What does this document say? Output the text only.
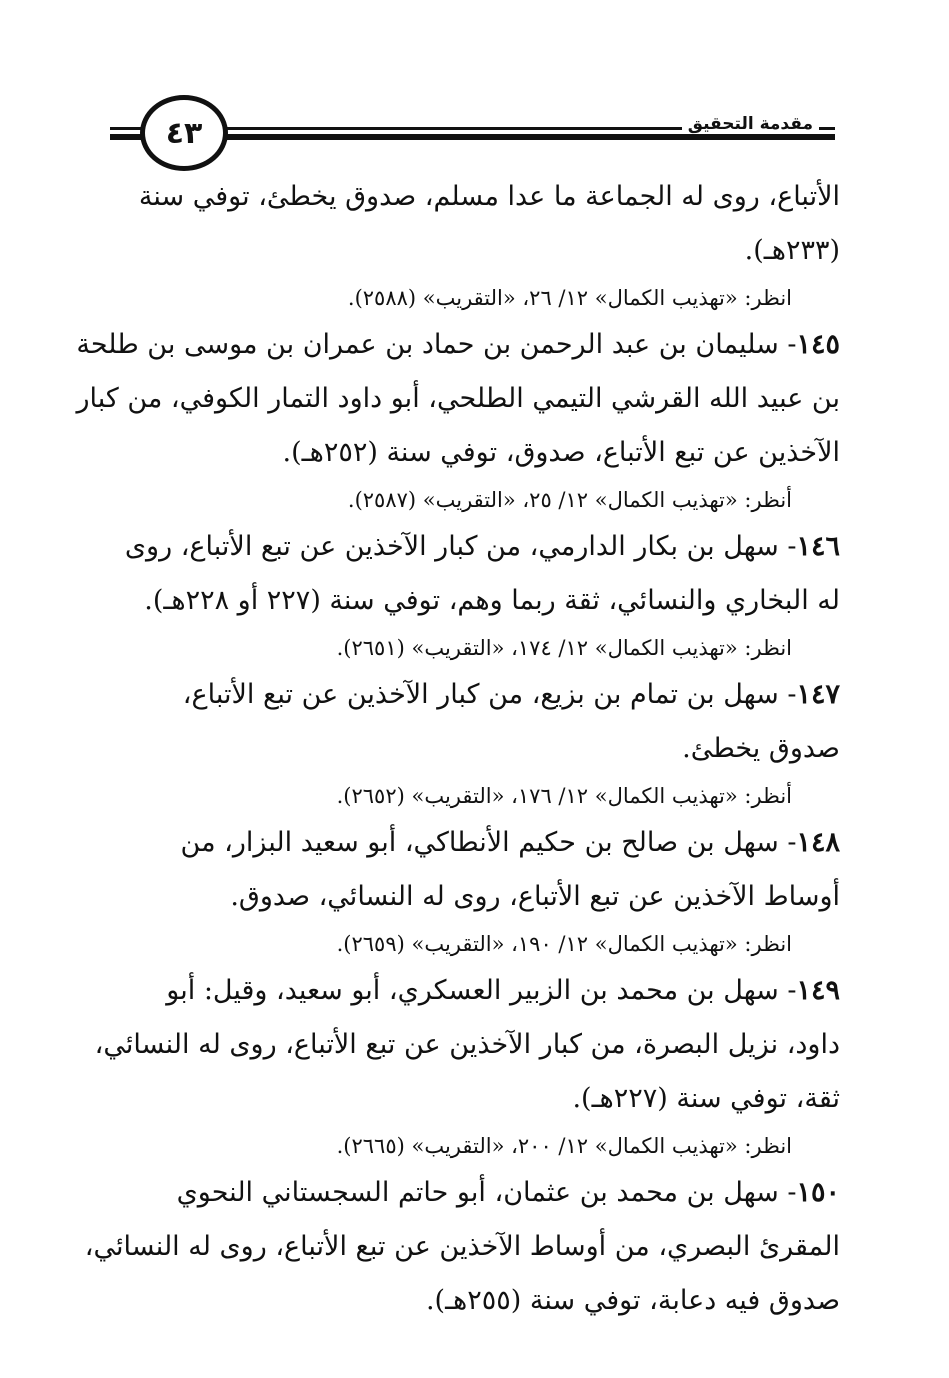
مقدمة التحقيق
٤٣
الأتباع، روى له الجماعة ما عدا مسلم، صدوق يخطئ، توفي سنة
(٢٣٣هـ).
انظر: «تهذيب الكمال» ١٢/ ٢٦، «التقريب» (٢٥٨٨).
١٤٥- سليمان بن عبد الرحمن بن حماد بن عمران بن موسى بن طلحة
بن عبيد الله القرشي التيمي الطلحي، أبو داود التمار الكوفي، من كبار
الآخذين عن تبع الأتباع، صدوق، توفي سنة (٢٥٢هـ).
أنظر: «تهذيب الكمال» ١٢/ ٢٥، «التقريب» (٢٥٨٧).
١٤٦- سهل بن بكار الدارمي، من كبار الآخذين عن تبع الأتباع، روى
له البخاري والنسائي، ثقة ربما وهم، توفي سنة (٢٢٧ أو ٢٢٨هـ).
انظر: «تهذيب الكمال» ١٢/ ١٧٤، «التقريب» (٢٦٥١).
١٤٧- سهل بن تمام بن بزيع، من كبار الآخذين عن تبع الأتباع،
صدوق يخطئ.
أنظر: «تهذيب الكمال» ١٢/ ١٧٦، «التقريب» (٢٦٥٢).
١٤٨- سهل بن صالح بن حكيم الأنطاكي، أبو سعيد البزار، من
أوساط الآخذين عن تبع الأتباع، روى له النسائي، صدوق.
انظر: «تهذيب الكمال» ١٢/ ١٩٠، «التقريب» (٢٦٥٩).
١٤٩- سهل بن محمد بن الزبير العسكري، أبو سعيد، وقيل: أبو
داود، نزيل البصرة، من كبار الآخذين عن تبع الأتباع، روى له النسائي،
ثقة، توفي سنة (٢٢٧هـ).
انظر: «تهذيب الكمال» ١٢/ ٢٠٠، «التقريب» (٢٦٦٥).
١٥٠- سهل بن محمد بن عثمان، أبو حاتم السجستاني النحوي
المقرئ البصري، من أوساط الآخذين عن تبع الأتباع، روى له النسائي،
صدوق فيه دعابة، توفي سنة (٢٥٥هـ).
